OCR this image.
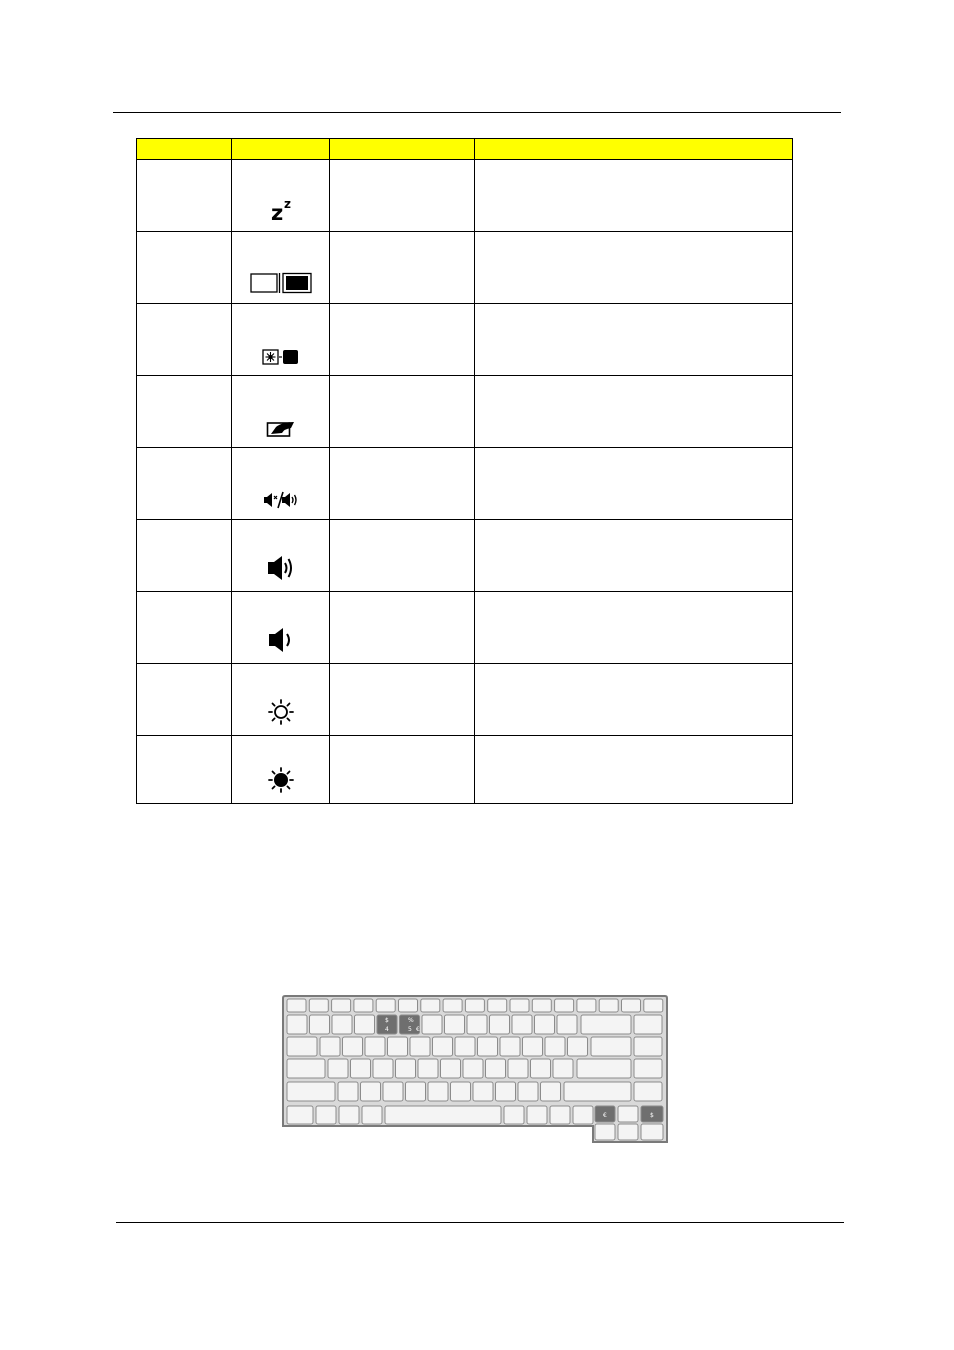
z z		

$
4
%
5 €
€	$
